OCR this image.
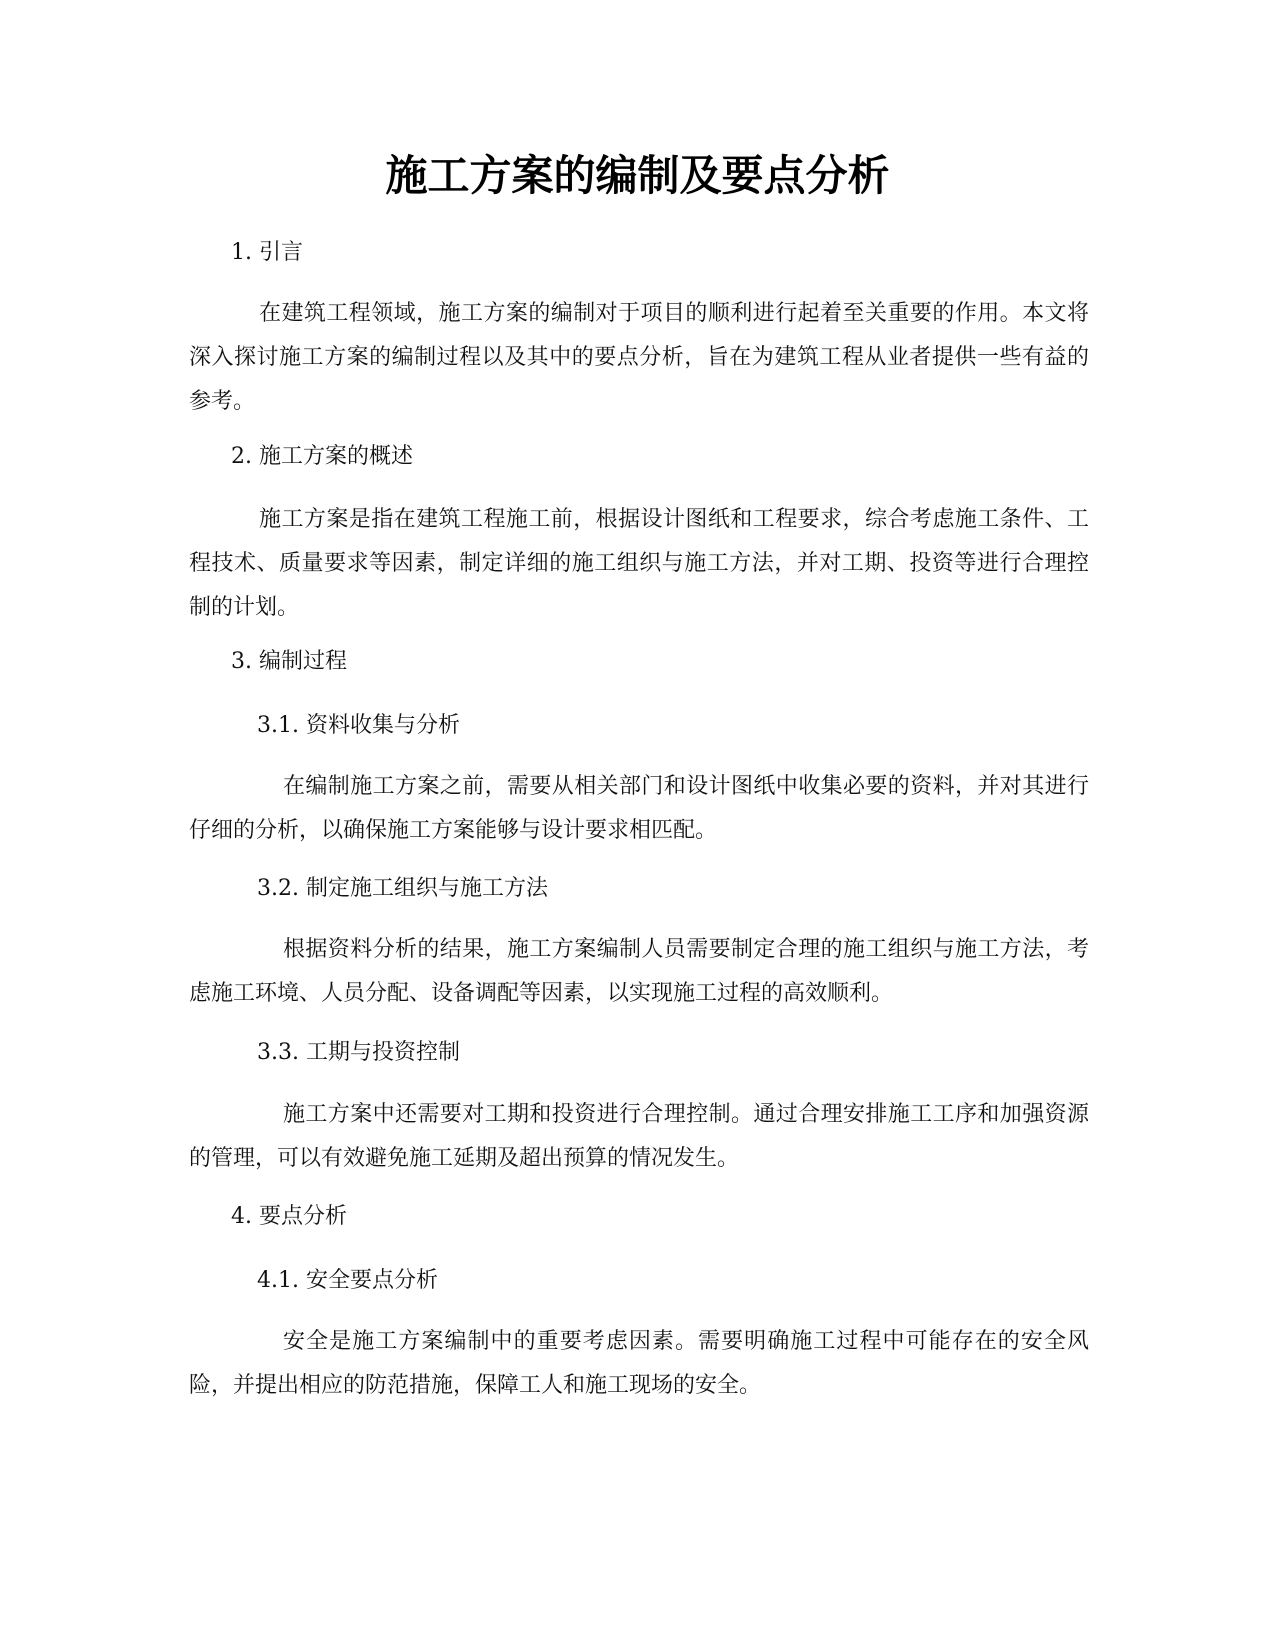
施工方案的编制及要点分析
1. 引言

在建筑工程领域，施工方案的编制对于项目的顺利进行起着至关重要的作用。本文将深入探讨施工方案的编制过程以及其中的要点分析，旨在为建筑工程从业者提供一些有益的参考。

2. 施工方案的概述

施工方案是指在建筑工程施工前，根据设计图纸和工程要求，综合考虑施工条件、工程技术、质量要求等因素，制定详细的施工组织与施工方法，并对工期、投资等进行合理控制的计划。

3. 编制过程
3.1. 资料收集与分析

在编制施工方案之前，需要从相关部门和设计图纸中收集必要的资料，并对其进行仔细的分析，以确保施工方案能够与设计要求相匹配。

3.2. 制定施工组织与施工方法

根据资料分析的结果，施工方案编制人员需要制定合理的施工组织与施工方法，考虑施工环境、人员分配、设备调配等因素，以实现施工过程的高效顺利。

3.3. 工期与投资控制

施工方案中还需要对工期和投资进行合理控制。通过合理安排施工工序和加强资源的管理，可以有效避免施工延期及超出预算的情况发生。

4. 要点分析
4.1. 安全要点分析

安全是施工方案编制中的重要考虑因素。需要明确施工过程中可能存在的安全风险，并提出相应的防范措施，保障工人和施工现场的安全。
